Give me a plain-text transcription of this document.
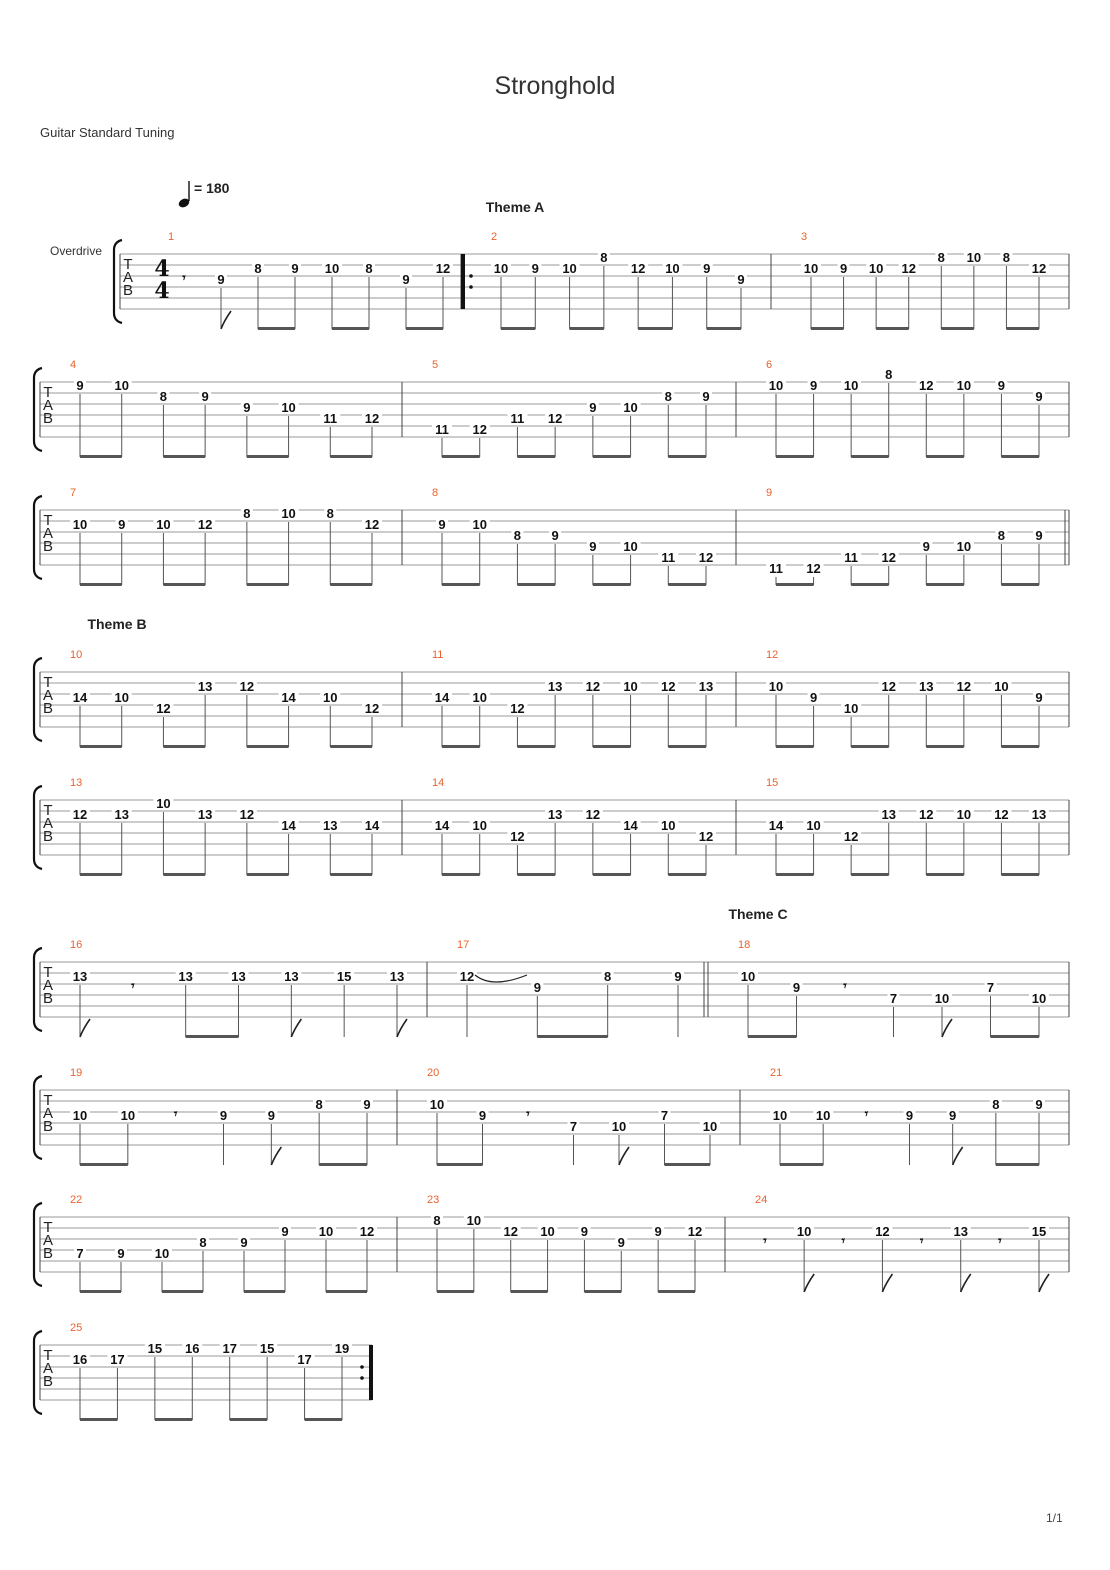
Stronghold
Guitar Standard Tuning
1/1
T
A
B
1
𝄾 9
8 9 10 8
9
12
2
10 9 10
8
12 10 9
9
3
10 9 10 12
8 10 8
12
T
A
B
4
9 10
8	9
9 10
11 12
5
11 12
11 12
9 10
8 9
6
10 9 10
8
12 10 9
9
T
A
B
7
10 9 10 12
8 10 8
12
8
9 10
8 9
9 10
11 12
9
11 12
11 12
9 10
8 9
T
A
B
10
14 10
12
13 12
14 10
12
11
14 10
12
13 12 10 12 13
12
10
9
10
12 13 12 10
9
T
A
B
13
12 13
10
13 12
14 13 14
14
14 10
12
13 12
14 10
12
15
14 10
12
13 12 10 12 13
T
A
B
16
13
𝄾
13	13	13	15	13
17
12
9
8	9
18
10
9	𝄾
7	10
7
10
T
A
B
19
10	10	𝄾	9	9
8	9
20
10
9	𝄾
7	10
7
10
21
10 10	𝄾	9	9
8	9
T
A
B
22
7	9 10
8	9
9 10 12
23
8 10
12 10 9
9
9 12
24
𝄾
10
𝄾
12
𝄾
13
𝄾
15
T
A
B
25
16 17
15 16 17 15
17
19
4
4
Overdrive
= 180
Theme A
Theme B
Theme C
